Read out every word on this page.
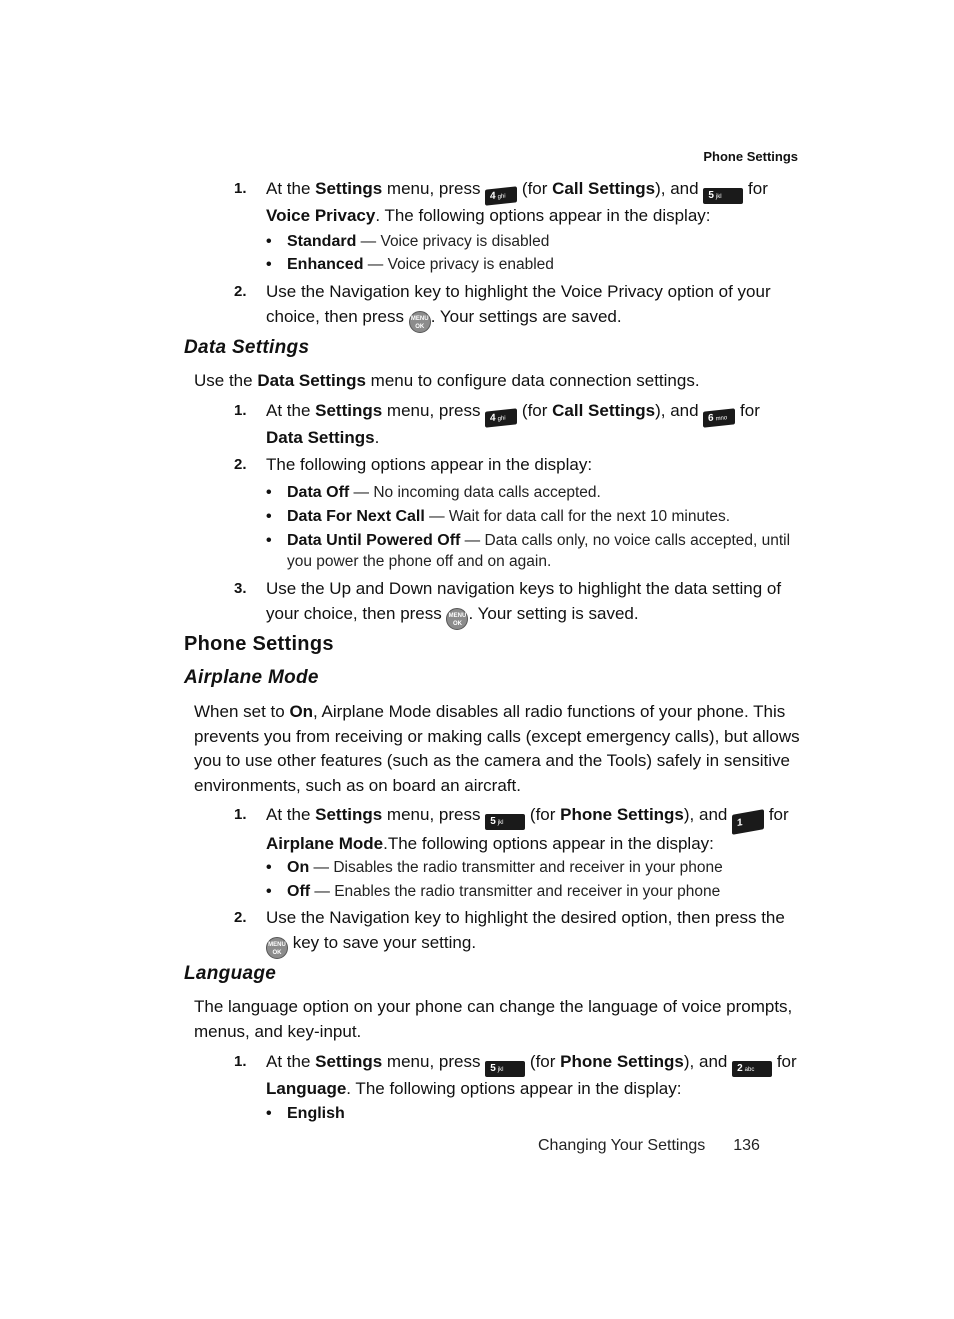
Phone Settings
1.	At the Settings menu, press 4 ghi (for Call Settings), and 5 jkl for Voice Privacy. The following options appear in the display:
• Standard — Voice privacy is disabled
• Enhanced — Voice privacy is enabled
2.	Use the Navigation key to highlight the Voice Privacy option of your choice, then press MENU
OK. Your settings are saved.
Data Settings
Use the Data Settings menu to configure data connection settings.
1.	At the Settings menu, press 4 ghi (for Call Settings), and 6 mno for Data Settings.
2.	The following options appear in the display:
• Data Off — No incoming data calls accepted.
• Data For Next Call — Wait for data call for the next 10 minutes.
• Data Until Powered Off — Data calls only, no voice calls accepted, until you power the phone off and on again.
3.	Use the Up and Down navigation keys to highlight the data setting of your choice, then press MENU
OK. Your setting is saved.
Phone Settings
Airplane Mode
When set to On, Airplane Mode disables all radio functions of your phone. This prevents you from receiving or making calls (except emergency calls), but allows you to use other features (such as the camera and the Tools) safely in sensitive environments, such as on board an aircraft.
1.	At the Settings menu, press 5 jkl (for Phone Settings), and 1 for Airplane Mode.The following options appear in the display:
• On — Disables the radio transmitter and receiver in your phone
• Off — Enables the radio transmitter and receiver in your phone
2.	Use the Navigation key to highlight the desired option, then press the MENU
OK key to save your setting.
Language
The language option on your phone can change the language of voice prompts, menus, and key-input.
1.	At the Settings menu, press 5 jkl (for Phone Settings), and 2 abc for Language. The following options appear in the display:
• English
Changing Your Settings 136
